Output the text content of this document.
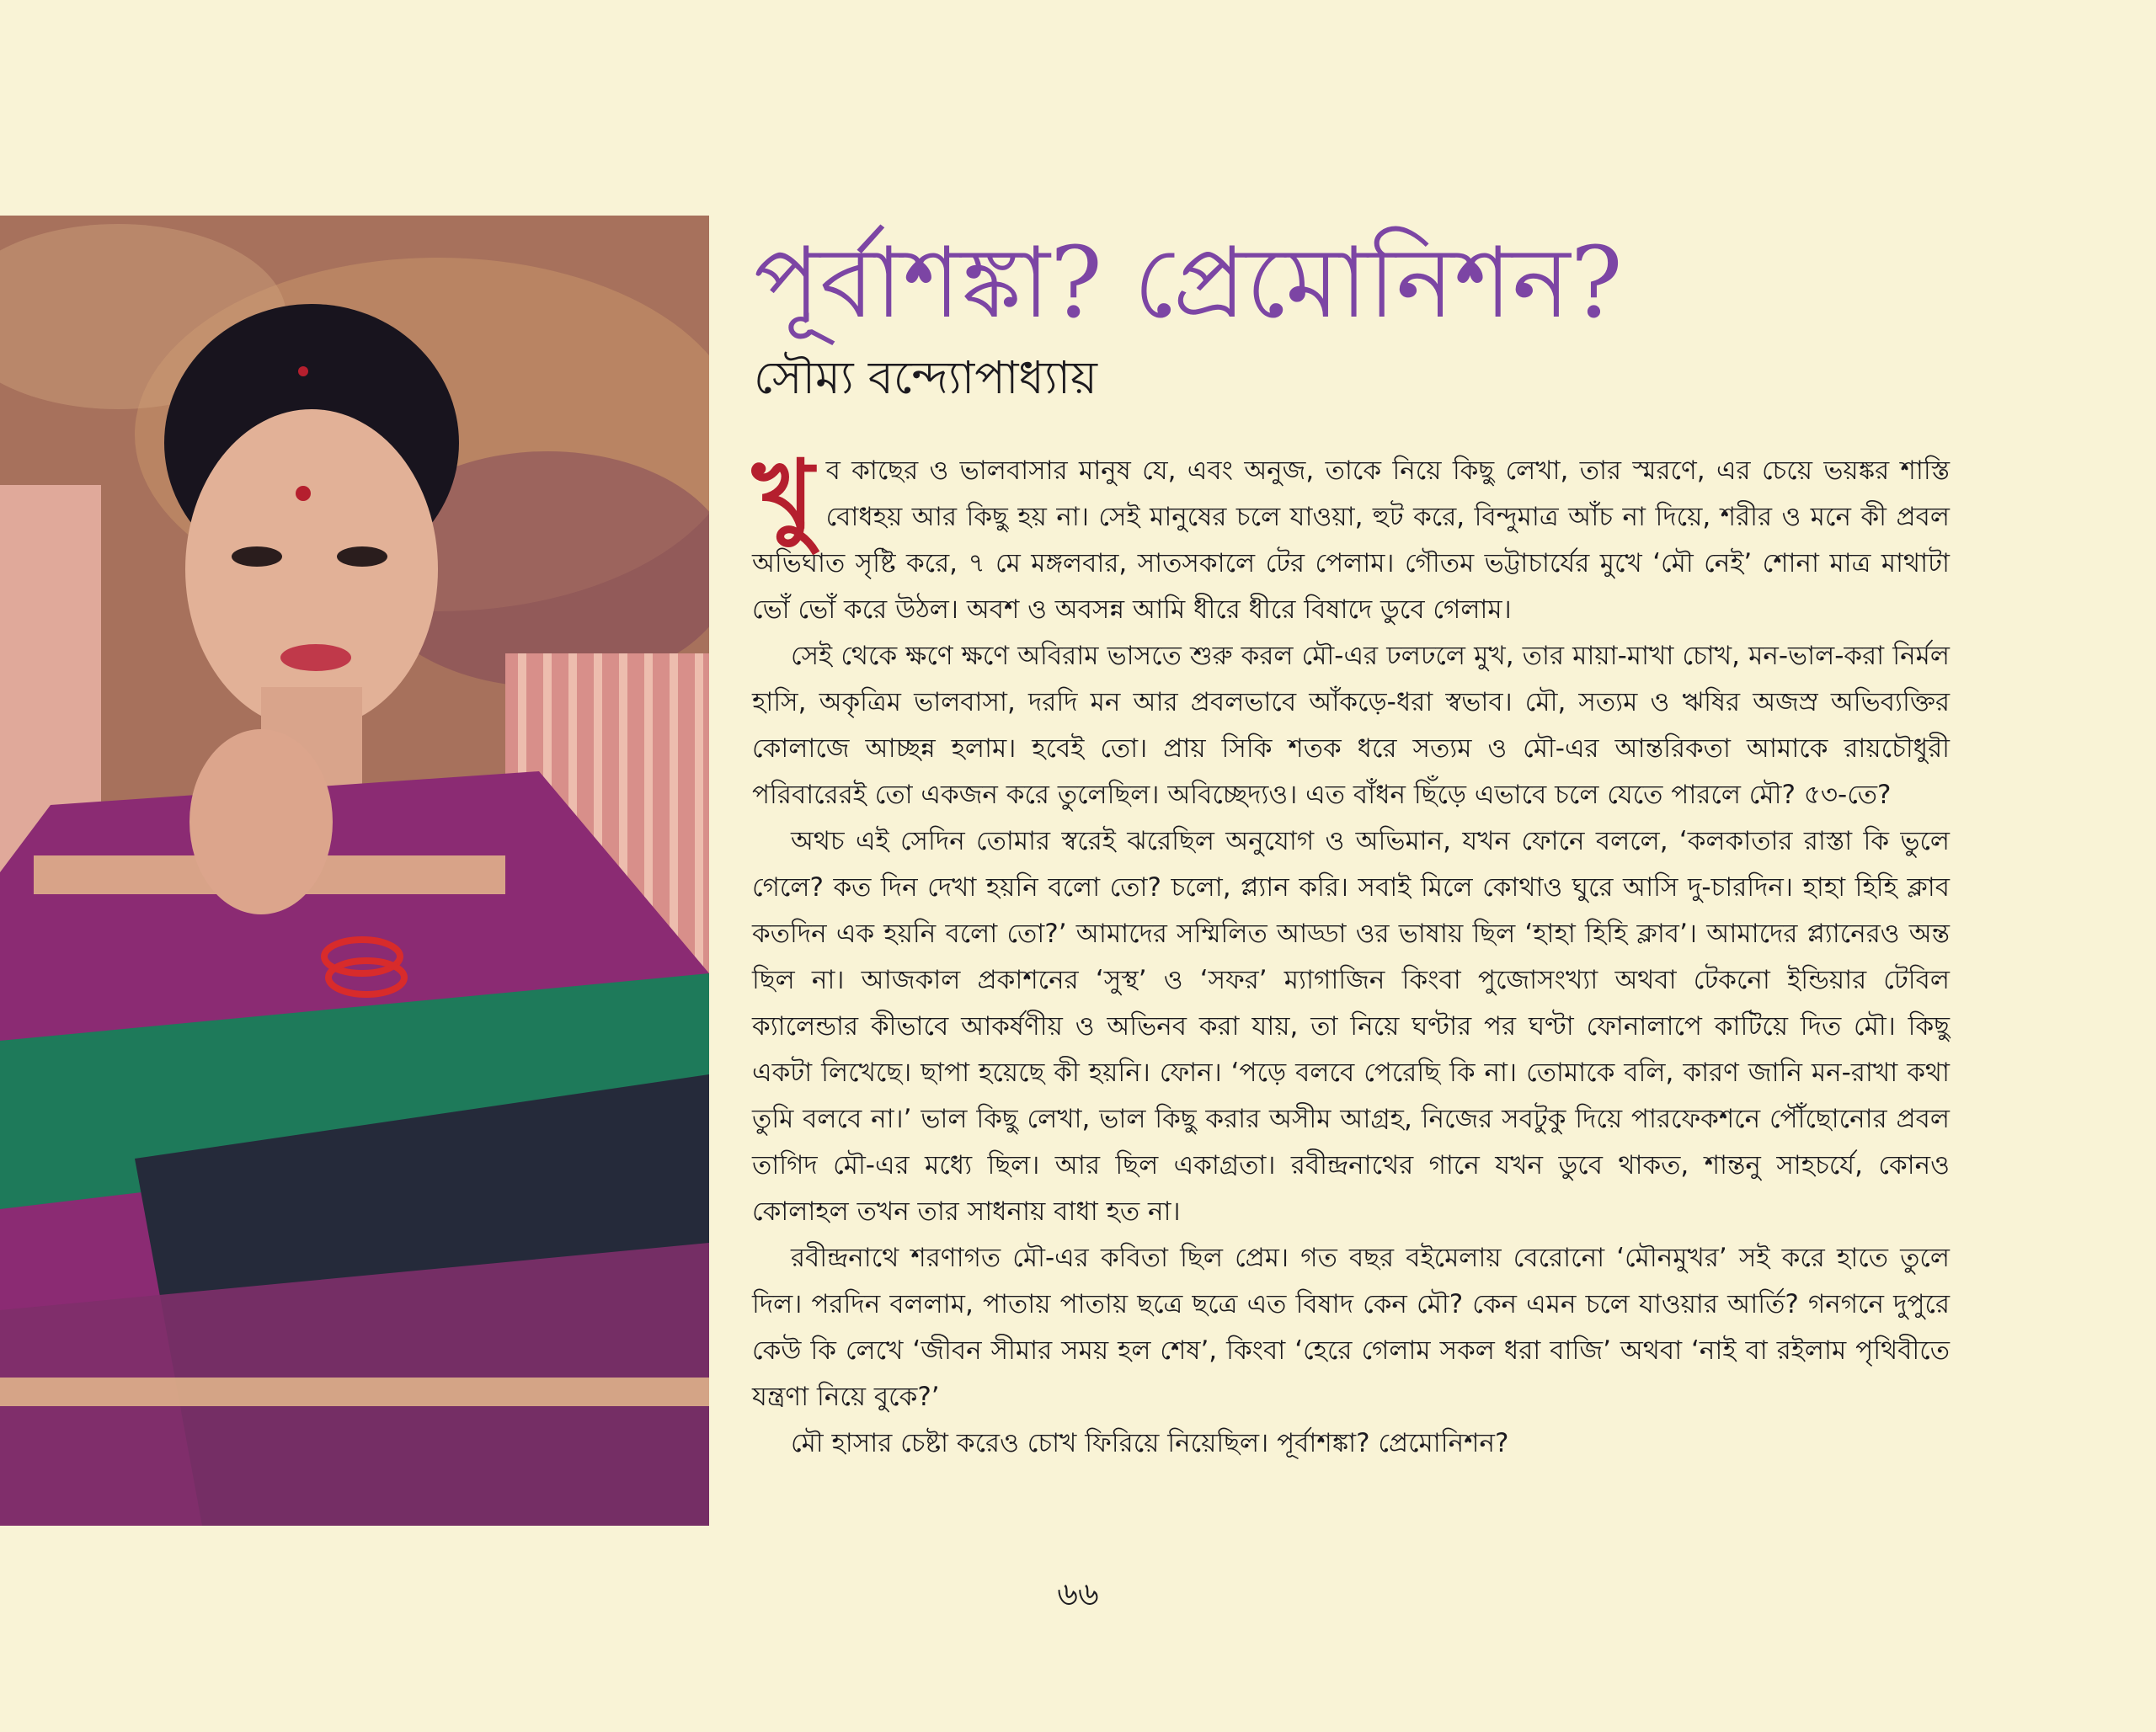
পূর্বাশঙ্কা? প্রেমোনিশন?
সৌম্য বন্দ্যোপাধ্যায়

খুব কাছের ও ভালবাসার মানুষ যে, এবং অনুজ, তাকে নিয়ে কিছু লেখা, তার স্মরণে, এর চেয়ে ভয়ঙ্কর শাস্তি বোধহয় আর কিছু হয় না। সেই মানুষের চলে যাওয়া, হুট করে, বিন্দুমাত্র আঁচ না দিয়ে, শরীর ও মনে কী প্রবল অভিঘাত সৃষ্টি করে, ৭ মে মঙ্গলবার, সাতসকালে টের পেলাম। গৌতম ভট্টাচার্যের মুখে ‘মৌ নেই’ শোনা মাত্র মাথাটা ভোঁ ভোঁ করে উঠল। অবশ ও অবসন্ন আমি ধীরে ধীরে বিষাদে ডুবে গেলাম।

সেই থেকে ক্ষণে ক্ষণে অবিরাম ভাসতে শুরু করল মৌ-এর ঢলঢলে মুখ, তার মায়া-মাখা চোখ, মন-ভাল-করা নির্মল হাসি, অকৃত্রিম ভালবাসা, দরদি মন আর প্রবলভাবে আঁকড়ে-ধরা স্বভাব। মৌ, সত্যম ও ঋষির অজস্র অভিব্যক্তির কোলাজে আচ্ছন্ন হলাম। হবেই তো। প্রায় সিকি শতক ধরে সত্যম ও মৌ-এর আন্তরিকতা আমাকে রায়চৌধুরী পরিবারেরই তো একজন করে তুলেছিল। অবিচ্ছেদ্যও। এত বাঁধন ছিঁড়ে এভাবে চলে যেতে পারলে মৌ? ৫৩-তে?

অথচ এই সেদিন তোমার স্বরেই ঝরেছিল অনুযোগ ও অভিমান, যখন ফোনে বললে, ‘কলকাতার রাস্তা কি ভুলে গেলে? কত দিন দেখা হয়নি বলো তো? চলো, প্ল্যান করি। সবাই মিলে কোথাও ঘুরে আসি দু-চারদিন। হাহা হিহি ক্লাব কতদিন এক হয়নি বলো তো?’ আমাদের সম্মিলিত আড্ডা ওর ভাষায় ছিল ‘হাহা হিহি ক্লাব’। আমাদের প্ল্যানেরও অন্ত ছিল না। আজকাল প্রকাশনের ‘সুস্থ’ ও ‘সফর’ ম্যাগাজিন কিংবা পুজোসংখ্যা অথবা টেকনো ইন্ডিয়ার টেবিল ক্যালেন্ডার কীভাবে আকর্ষণীয় ও অভিনব করা যায়, তা নিয়ে ঘণ্টার পর ঘণ্টা ফোনালাপে কাটিয়ে দিত মৌ। কিছু একটা লিখেছে। ছাপা হয়েছে কী হয়নি। ফোন। ‘পড়ে বলবে পেরেছি কি না। তোমাকে বলি, কারণ জানি মন-রাখা কথা তুমি বলবে না।’ ভাল কিছু লেখা, ভাল কিছু করার অসীম আগ্রহ, নিজের সবটুকু দিয়ে পারফেকশনে পৌঁছোনোর প্রবল তাগিদ মৌ-এর মধ্যে ছিল। আর ছিল একাগ্রতা। রবীন্দ্রনাথের গানে যখন ডুবে থাকত, শান্তনু সাহচর্যে, কোনও কোলাহল তখন তার সাধনায় বাধা হত না।

রবীন্দ্রনাথে শরণাগত মৌ-এর কবিতা ছিল প্রেম। গত বছর বইমেলায় বেরোনো ‘মৌনমুখর’ সই করে হাতে তুলে দিল। পরদিন বললাম, পাতায় পাতায় ছত্রে ছত্রে এত বিষাদ কেন মৌ? কেন এমন চলে যাওয়ার আর্তি? গনগনে দুপুরে কেউ কি লেখে ‘জীবন সীমার সময় হল শেষ’, কিংবা ‘হেরে গেলাম সকল ধরা বাজি’ অথবা ‘নাই বা রইলাম পৃথিবীতে যন্ত্রণা নিয়ে বুকে?’

মৌ হাসার চেষ্টা করেও চোখ ফিরিয়ে নিয়েছিল। পূর্বাশঙ্কা? প্রেমোনিশন?

৬৬
